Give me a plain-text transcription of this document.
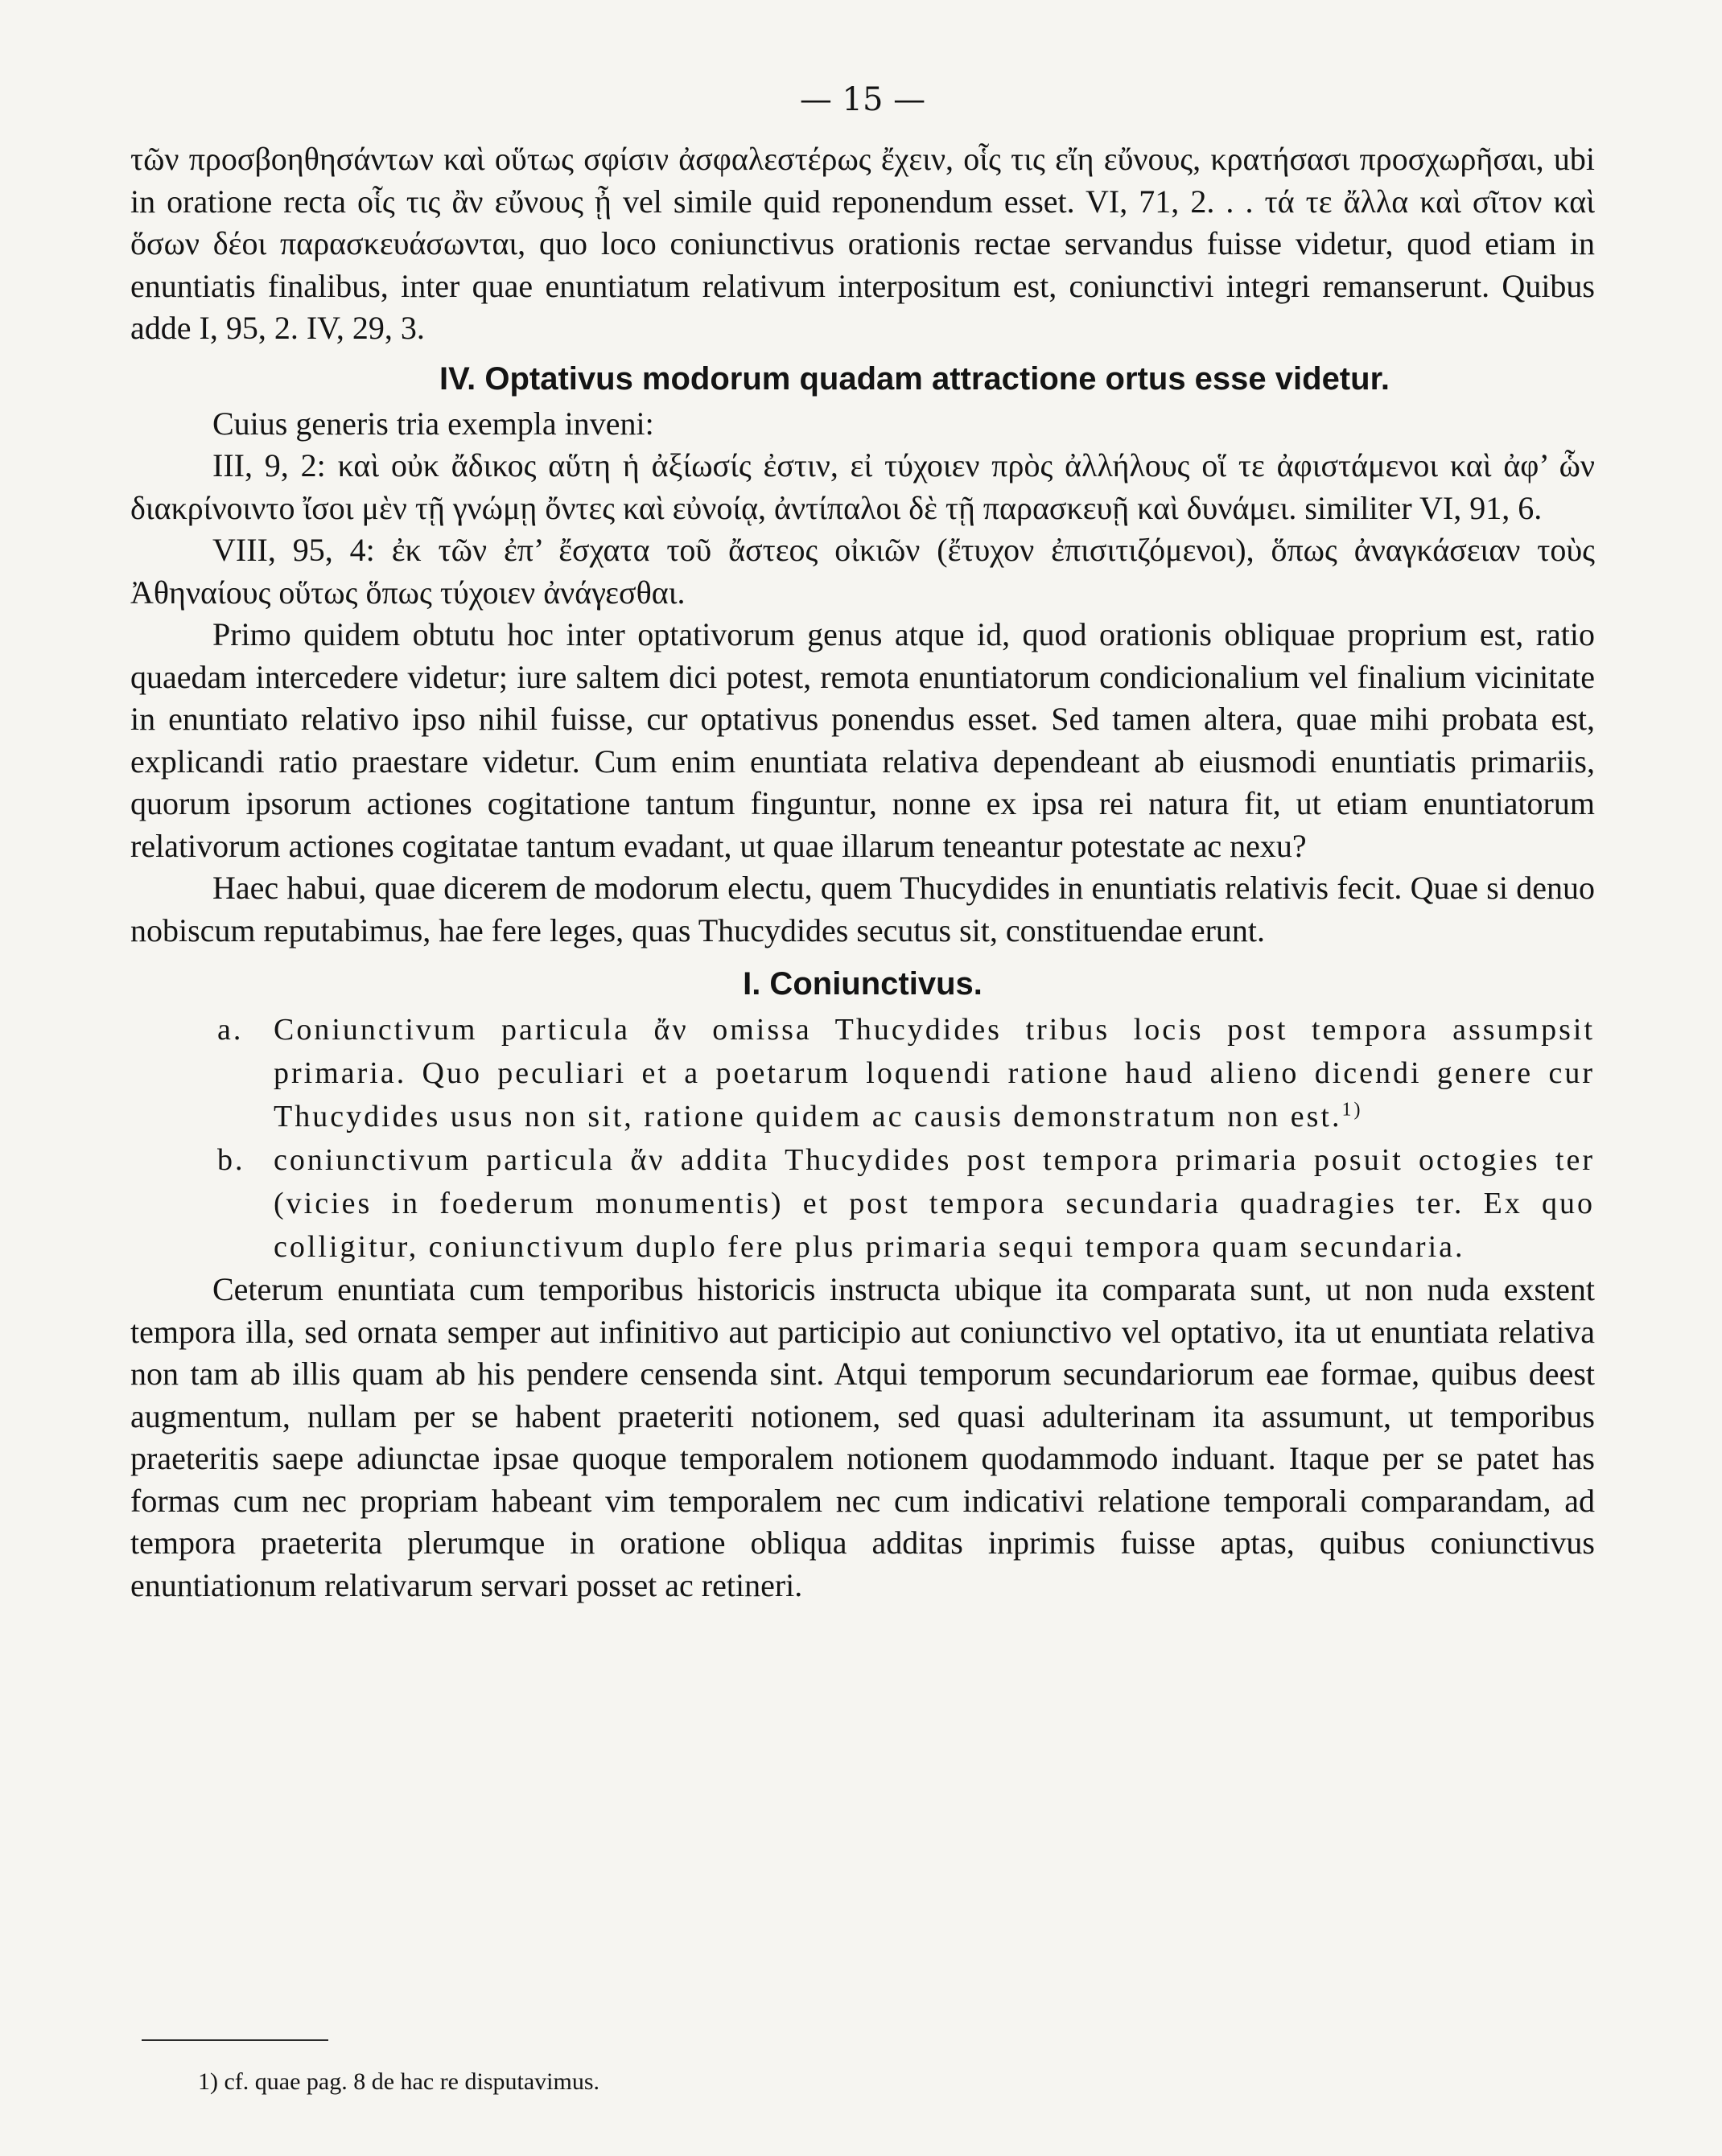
— 15 —

τῶν προσβοηθησάντων καὶ οὕτως σφίσιν ἀσφαλεστέρως ἔχειν, οἷς τις εἴη εὔνους, κρατήσασι προσχωρῆσαι, ubi in oratione recta οἷς τις ἂν εὔνους ᾖ vel simile quid reponendum esset. VI, 71, 2. . . τά τε ἄλλα καὶ σῖτον καὶ ὅσων δέοι παρασκευάσωνται, quo loco coniunctivus orationis rectae servandus fuisse videtur, quod etiam in enuntiatis finalibus, inter quae enuntiatum relativum interpositum est, coniunctivi integri remanserunt. Quibus adde I, 95, 2. IV, 29, 3.

IV. Optativus modorum quadam attractione ortus esse videtur.

Cuius generis tria exempla inveni:

III, 9, 2: καὶ οὐκ ἄδικος αὕτη ἡ ἀξίωσίς ἐστιν, εἰ τύχοιεν πρὸς ἀλλήλους οἵ τε ἀφιστάμενοι καὶ ἀφ’ ὧν διακρίνοιντο ἴσοι μὲν τῇ γνώμῃ ὄντες καὶ εὐνοίᾳ, ἀντίπαλοι δὲ τῇ παρασκευῇ καὶ δυνάμει. similiter VI, 91, 6.

VIII, 95, 4: ἐκ τῶν ἐπ’ ἔσχατα τοῦ ἄστεος οἰκιῶν (ἔτυχον ἐπισιτιζόμενοι), ὅπως ἀναγκάσειαν τοὺς Ἀθηναίους οὕτως ὅπως τύχοιεν ἀνάγεσθαι.

Primo quidem obtutu hoc inter optativorum genus atque id, quod orationis obliquae proprium est, ratio quaedam intercedere videtur; iure saltem dici potest, remota enuntiatorum condicionalium vel finalium vicinitate in enuntiato relativo ipso nihil fuisse, cur optativus ponendus esset. Sed tamen altera, quae mihi probata est, explicandi ratio praestare videtur. Cum enim enuntiata relativa dependeant ab eiusmodi enuntiatis primariis, quorum ipsorum actiones cogitatione tantum finguntur, nonne ex ipsa rei natura fit, ut etiam enuntiatorum relativorum actiones cogitatae tantum evadant, ut quae illarum teneantur potestate ac nexu?

Haec habui, quae dicerem de modorum electu, quem Thucydides in enuntiatis relativis fecit. Quae si denuo nobiscum reputabimus, hae fere leges, quas Thucydides secutus sit, constituendae erunt.

I. Coniunctivus.
a. Coniunctivum particula ἄν omissa Thucydides tribus locis post tempora assumpsit primaria. Quo peculiari et a poetarum loquendi ratione haud alieno dicendi genere cur Thucydides usus non sit, ratione quidem ac causis demonstratum non est.$^{1)}$
b. coniunctivum particula ἄν addita Thucydides post tempora primaria posuit octogies ter (vicies in foederum monumentis) et post tempora secundaria quadragies ter. Ex quo colligitur, coniunctivum duplo fere plus primaria sequi tempora quam secundaria.

Ceterum enuntiata cum temporibus historicis instructa ubique ita comparata sunt, ut non nuda exstent tempora illa, sed ornata semper aut infinitivo aut participio aut coniunctivo vel optativo, ita ut enuntiata relativa non tam ab illis quam ab his pendere censenda sint. Atqui temporum secundariorum eae formae, quibus deest augmentum, nullam per se habent praeteriti notionem, sed quasi adulterinam ita assumunt, ut temporibus praeteritis saepe adiunctae ipsae quoque temporalem notionem quodammodo induant. Itaque per se patet has formas cum nec propriam habeant vim temporalem nec cum indicativi relatione temporali comparandam, ad tempora praeterita plerumque in oratione obliqua additas inprimis fuisse aptas, quibus coniunctivus enuntiationum relativarum servari posset ac retineri.

1) cf. quae pag. 8 de hac re disputavimus.
